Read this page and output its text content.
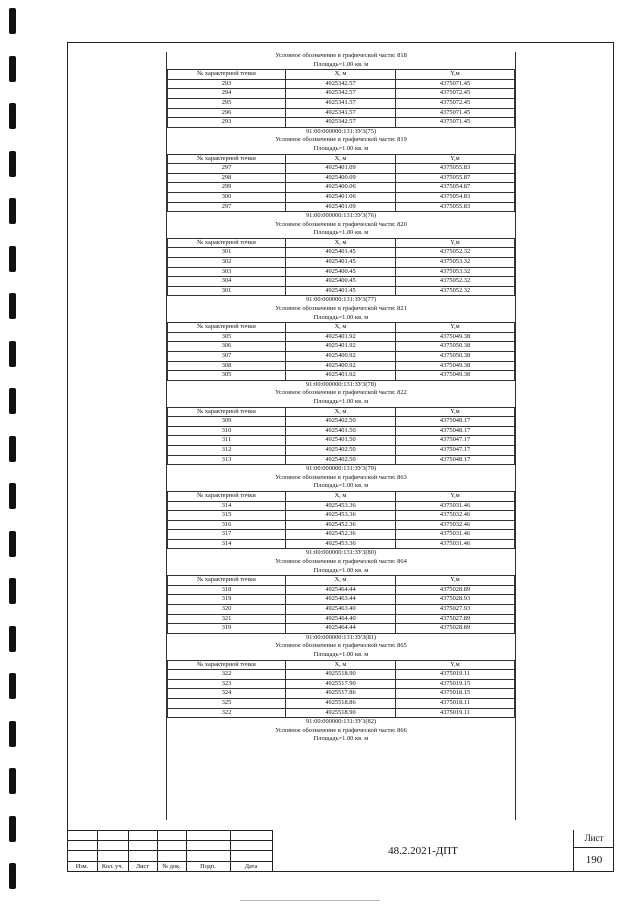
Условное обозначение в графической части: 818
Площадь=1.00 кв. м
№ характерной точки	X, м	Y,м
293	4925342.57	4375071.45
294	4925342.57	4375072.45
295	4925341.57	4375072.45
296	4925341.57	4375071.45
293	4925342.57	4375071.45
91:00:000000:131:ЗУ3(75)
Условное обозначение в графической части: 819
Площадь=1.00 кв. м
№ характерной точки	X, м	Y,м
297	4925401.09	4375055.83
298	4925400.09	4375055.87
299	4925400.06	4375054.87
300	4925401.06	4375054.83
297	4925401.09	4375055.83
91:00:000000:131:ЗУ3(76)
Условное обозначение в графической части: 820
Площадь=1.00 кв. м
№ характерной точки	X, м	Y,м
301	4925401.45	4375052.32
302	4925401.45	4375053.32
303	4925400.45	4375053.32
304	4925400.45	4375052.32
301	4925401.45	4375052.32
91:00:000000:131:ЗУ3(77)
Условное обозначение в графической части: 821
Площадь=1.00 кв. м
№ характерной точки	X, м	Y,м
305	4925401.92	4375049.38
306	4925401.92	4375050.38
307	4925400.92	4375050.38
308	4925400.92	4375049.38
305	4925401.92	4375049.38
91:00:000000:131:ЗУ3(78)
Условное обозначение в графической части: 822
Площадь=1.00 кв. м
№ характерной точки	X, м	Y,м
309	4925402.50	4375048.17
310	4925401.50	4375048.17
311	4925401.50	4375047.17
312	4925402.50	4375047.17
313	4925402.50	4375048.17
91:00:000000:131:ЗУ3(79)
Условное обозначение в графической части: 863
Площадь=1.00 кв. м
№ характерной точки	X, м	Y,м
314	4925453.36	4375031.46
315	4925453.36	4375032.46
316	4925452.36	4375032.46
317	4925452.36	4375031.46
314	4925453.36	4375031.46
91:00:000000:131:ЗУ3(80)
Условное обозначение в графической части: 864
Площадь=1.00 кв. м
№ характерной точки	X, м	Y,м
318	4925464.44	4375028.89
319	4925463.44	4375028.93
320	4925463.40	4375027.93
321	4925464.40	4375027.89
319	4925464.44	4375028.89
91:00:000000:131:ЗУ3(81)
Условное обозначение в графической части: 865
Площадь=1.00 кв. м
№ характерной точки	X, м	Y,м
322	4925518.90	4375019.11
323	4925517.90	4375019.15
324	4925517.86	4375018.15
325	4925518.86	4375018.11
322	4925518.90	4375019.11
91:00:000000:131:ЗУ3(82)
Условное обозначение в графической части: 866
Площадь=1.00 кв. м
Изм.	Кол. уч.	Лист	№ док.	Подп.	Дата
48.2.2021-ДПТ
Лист
190
